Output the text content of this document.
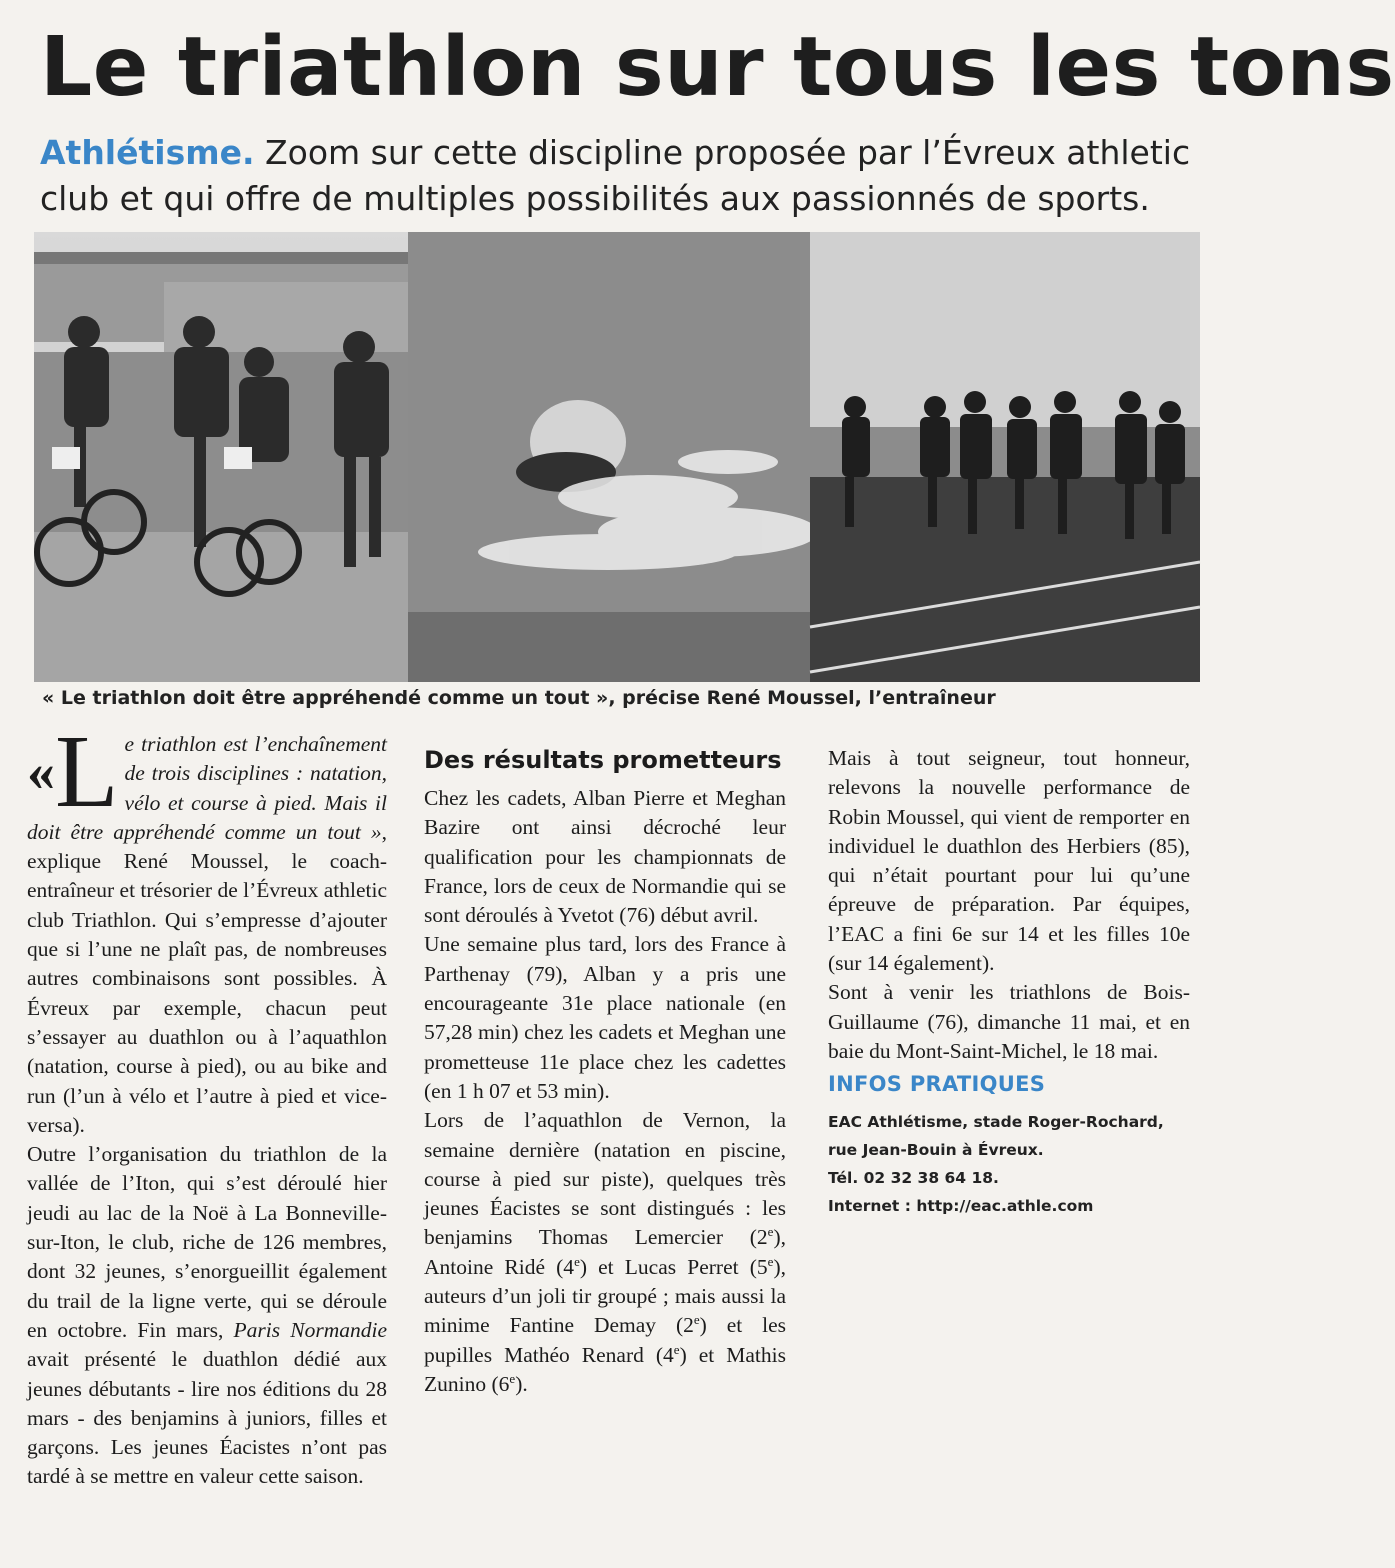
Le triathlon sur tous les tons
Athlétisme. Zoom sur cette discipline proposée par l’Évreux athletic club et qui offre de multiples possibilités aux passionnés de sports.
« Le triathlon doit être appréhendé comme un tout », précise René Moussel, l’entraîneur

«L e triathlon est l’enchaînement de trois disciplines : natation, vélo et course à pied. Mais il doit être appréhendé comme un tout », explique René Moussel, le coach-entraîneur et trésorier de l’Évreux athletic club Triathlon. Qui s’empresse d’ajouter que si l’une ne plaît pas, de nombreuses autres combinaisons sont possibles. À Évreux par exemple, chacun peut s’essayer au duathlon ou à l’aquathlon (natation, course à pied), ou au bike and run (l’un à vélo et l’autre à pied et vice-versa).

Outre l’organisation du triathlon de la vallée de l’Iton, qui s’est déroulé hier jeudi au lac de la Noë à La Bonneville-sur-Iton, le club, riche de 126 membres, dont 32 jeunes, s’enorgueillit également du trail de la ligne verte, qui se déroule en octobre. Fin mars, Paris Normandie avait présenté le duathlon dédié aux jeunes débutants - lire nos éditions du 28 mars - des benjamins à juniors, filles et garçons. Les jeunes Éacistes n’ont pas tardé à se mettre en valeur cette saison.

Des résultats prometteurs

Chez les cadets, Alban Pierre et Meghan Bazire ont ainsi décroché leur qualification pour les championnats de France, lors de ceux de Normandie qui se sont déroulés à Yvetot (76) début avril.

Une semaine plus tard, lors des France à Parthenay (79), Alban y a pris une encourageante 31e place nationale (en 57,28 min) chez les cadets et Meghan une prometteuse 11e place chez les cadettes (en 1 h 07 et 53 min).

Lors de l’aquathlon de Vernon, la semaine dernière (natation en piscine, course à pied sur piste), quelques très jeunes Éacistes se sont distingués : les benjamins Thomas Lemercier (2e), Antoine Ridé (4e) et Lucas Perret (5e), auteurs d’un joli tir groupé ; mais aussi la minime Fantine Demay (2e) et les pupilles Mathéo Renard (4e) et Mathis Zunino (6e).

Mais à tout seigneur, tout honneur, relevons la nouvelle performance de Robin Moussel, qui vient de remporter en individuel le duathlon des Herbiers (85), qui n’était pourtant pour lui qu’une épreuve de préparation. Par équipes, l’EAC a fini 6e sur 14 et les filles 10e (sur 14 également).

Sont à venir les triathlons de Bois-Guillaume (76), dimanche 11 mai, et en baie du Mont-Saint-Michel, le 18 mai.

INFOS PRATIQUES
EAC Athlétisme, stade Roger-Rochard,
rue Jean-Bouin à Évreux.
Tél. 02 32 38 64 18.
Internet : http://eac.athle.com
